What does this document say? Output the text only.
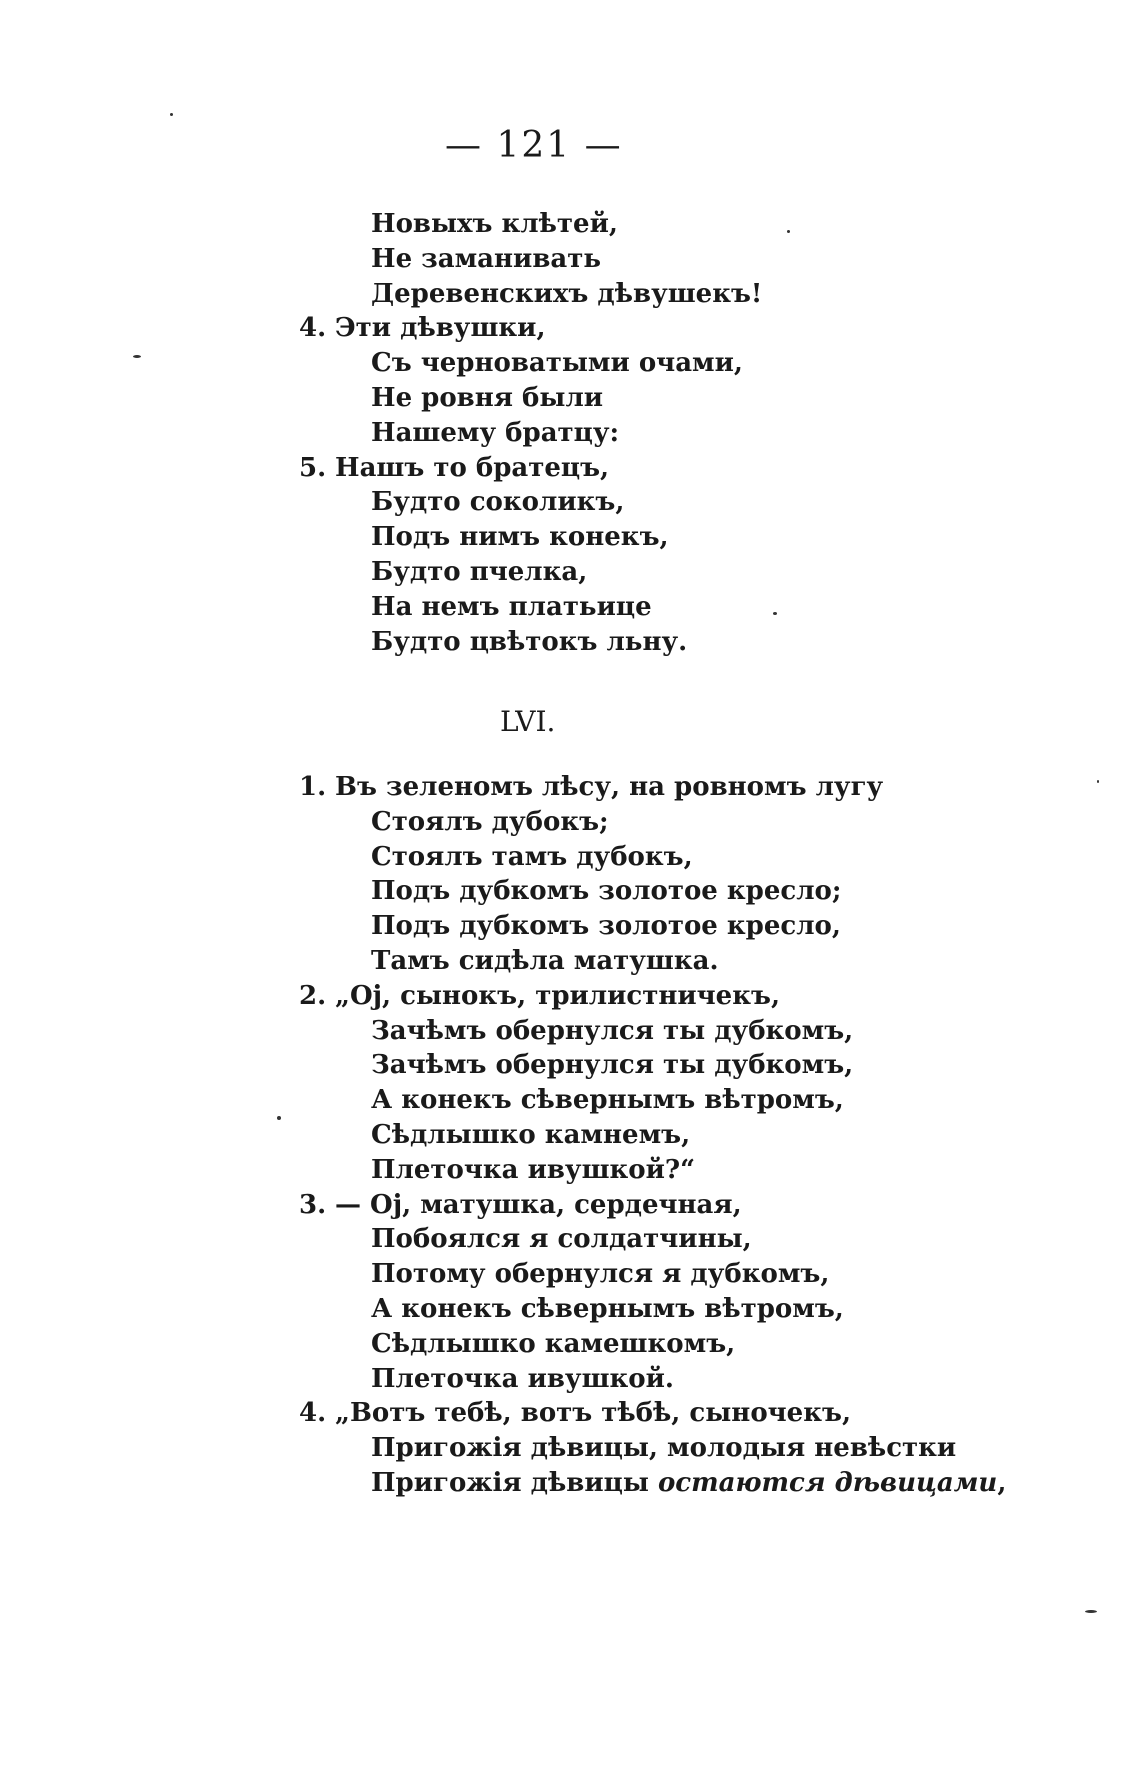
— 121 —
Новыхъ клѣтей,
Не заманивать
Деревенскихъ дѣвушекъ!
4. Эти дѣвушки,
Съ черноватыми очами,
Не ровня были
Нашему братцу:
5. Нашъ то братецъ,
Будто соколикъ,
Подъ нимъ конекъ,
Будто пчелка,
На немъ платьице
Будто цвѣтокъ льну.
LVI.
1. Въ зеленомъ лѣсу, на ровномъ лугу
Стоялъ дубокъ;
Стоялъ тамъ дубокъ,
Подъ дубкомъ золотое кресло;
Подъ дубкомъ золотое кресло,
Тамъ сидѣла матушка.
2. „Оj, сынокъ, трилистничекъ,
Зачѣмъ обернулся ты дубкомъ,
Зачѣмъ обернулся ты дубкомъ,
А конекъ сѣвернымъ вѣтромъ,
Сѣдлышко камнемъ,
Плеточка ивушкой?“
3. — Оj, матушка, сердечная,
Побоялся я солдатчины,
Потому обернулся я дубкомъ,
А конекъ сѣвернымъ вѣтромъ,
Сѣдлышко камешкомъ,
Плеточка ивушкой.
4. „Вотъ тебѣ, вотъ тѣбѣ, сыночекъ,
Пригожія дѣвицы, молодыя невѣстки
Пригожія дѣвицы остаются дѣвицами,
